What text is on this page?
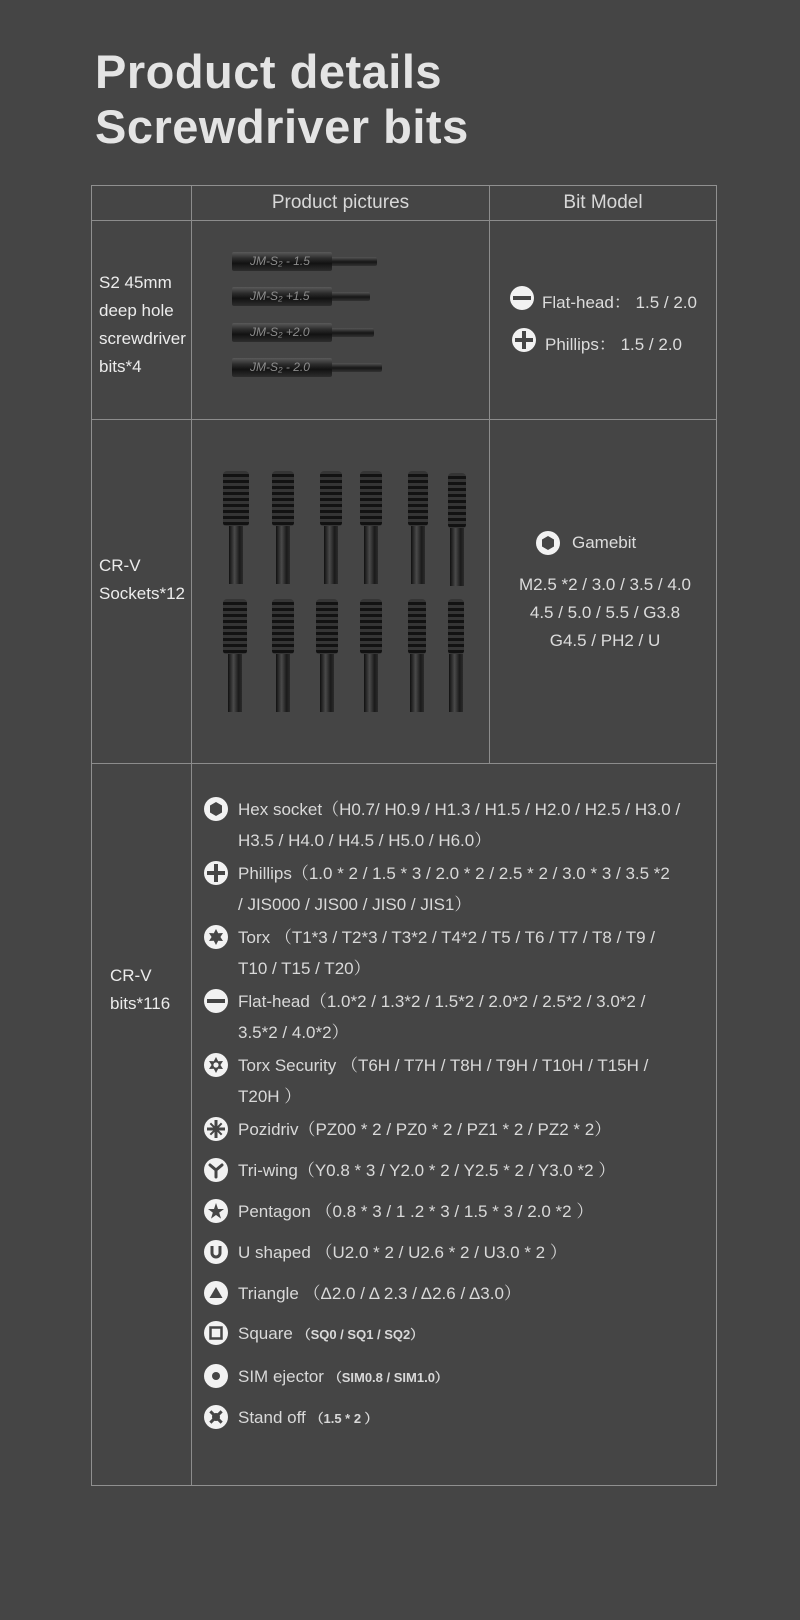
Product details
Screwdriver bits
Product pictures	Bit Model
S2 45mm
deep hole
screwdriver
bits*4
JM-S₂ - 1.5
JM-S₂ +1.5
JM-S₂ +2.0
JM-S₂ - 2.0
Flat-head： 1.5 / 2.0
Phillips： 1.5 / 2.0
CR-V
Sockets*12
Gamebit
M2.5 *2 / 3.0 / 3.5 / 4.0
4.5 / 5.0 / 5.5 / G3.8
G4.5 / PH2 / U
CR-V
bits*116
Hex socket（H0.7/ H0.9 / H1.3 / H1.5 / H2.0 / H2.5 / H3.0 /
H3.5 / H4.0 / H4.5 / H5.0 / H6.0）
Phillips（1.0 * 2 / 1.5 * 3 / 2.0 * 2 / 2.5 * 2 / 3.0 * 3 / 3.5 *2
/ JIS000 / JIS00 / JIS0 / JIS1）
Torx （T1*3 / T2*3 / T3*2 / T4*2 / T5 / T6 / T7 / T8 / T9 /
T10 / T15 / T20）
Flat-head（1.0*2 / 1.3*2 / 1.5*2 / 2.0*2 / 2.5*2 / 3.0*2 /
3.5*2 / 4.0*2）
Torx Security （T6H / T7H / T8H / T9H / T10H / T15H /
T20H ）
Pozidriv（PZ00 * 2 / PZ0 * 2 / PZ1 * 2 / PZ2 * 2）
Tri-wing（Y0.8 * 3 / Y2.0 * 2 / Y2.5 * 2 / Y3.0 *2 ）
Pentagon （0.8 * 3 / 1 .2 * 3 / 1.5 * 3 / 2.0 *2 ）
U shaped （U2.0 * 2 / U2.6 * 2 / U3.0 * 2 ）
Triangle （Δ2.0 / Δ 2.3 / Δ2.6 / Δ3.0）
Square （SQ0 / SQ1 / SQ2）
SIM ejector （SIM0.8 / SIM1.0）
Stand off （1.5 * 2 ）
